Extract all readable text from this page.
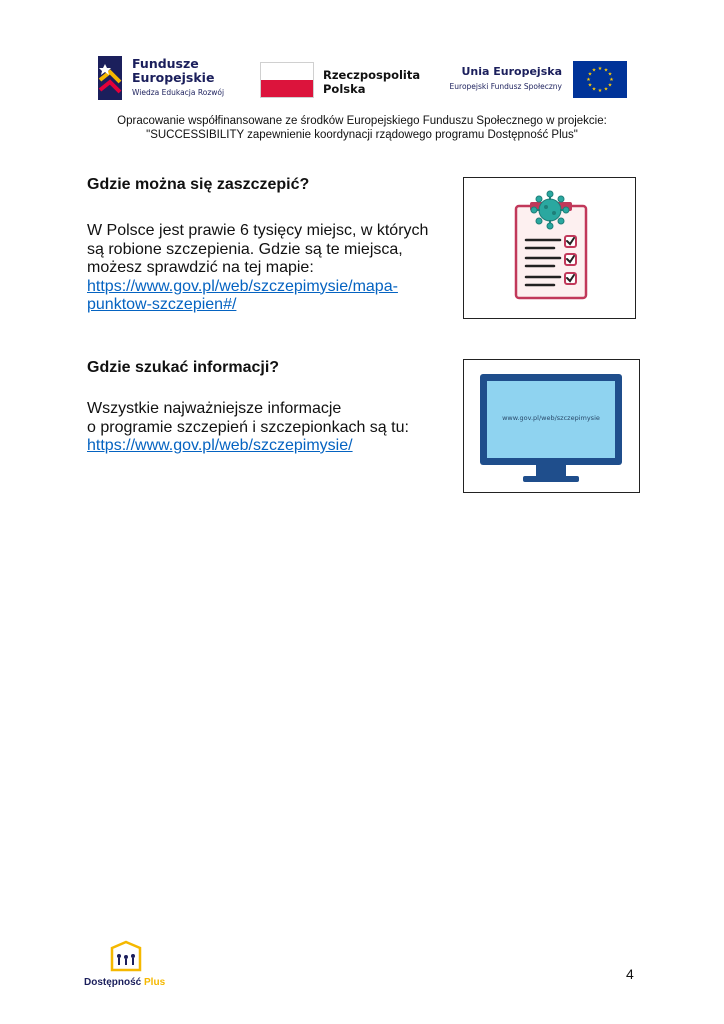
Fundusze
Europejskie
Wiedza Edukacja Rozwój
Rzeczpospolita
Polska
Unia Europejska
Europejski Fundusz Społeczny
★ ★
★
★
★
★
★
★
★
★
★
★
Opracowanie współfinansowane ze środków Europejskiego Funduszu Społecznego w projekcie:
"SUCCESSIBILITY zapewnienie koordynacji rządowego programu Dostępność Plus"
Gdzie można się zaszczepić?
W Polsce jest prawie 6 tysięcy miejsc, w których
są robione szczepienia. Gdzie są te miejsca,
możesz sprawdzić na tej mapie:
https://www.gov.pl/web/szczepimysie/mapa-
punktow-szczepien#/
Gdzie szukać informacji?
Wszystkie najważniejsze informacje
o programie szczepień i szczepionkach są tu:
https://www.gov.pl/web/szczepimysie/
www.gov.pl/web/szczepimysie
Dostępność Plus
4
